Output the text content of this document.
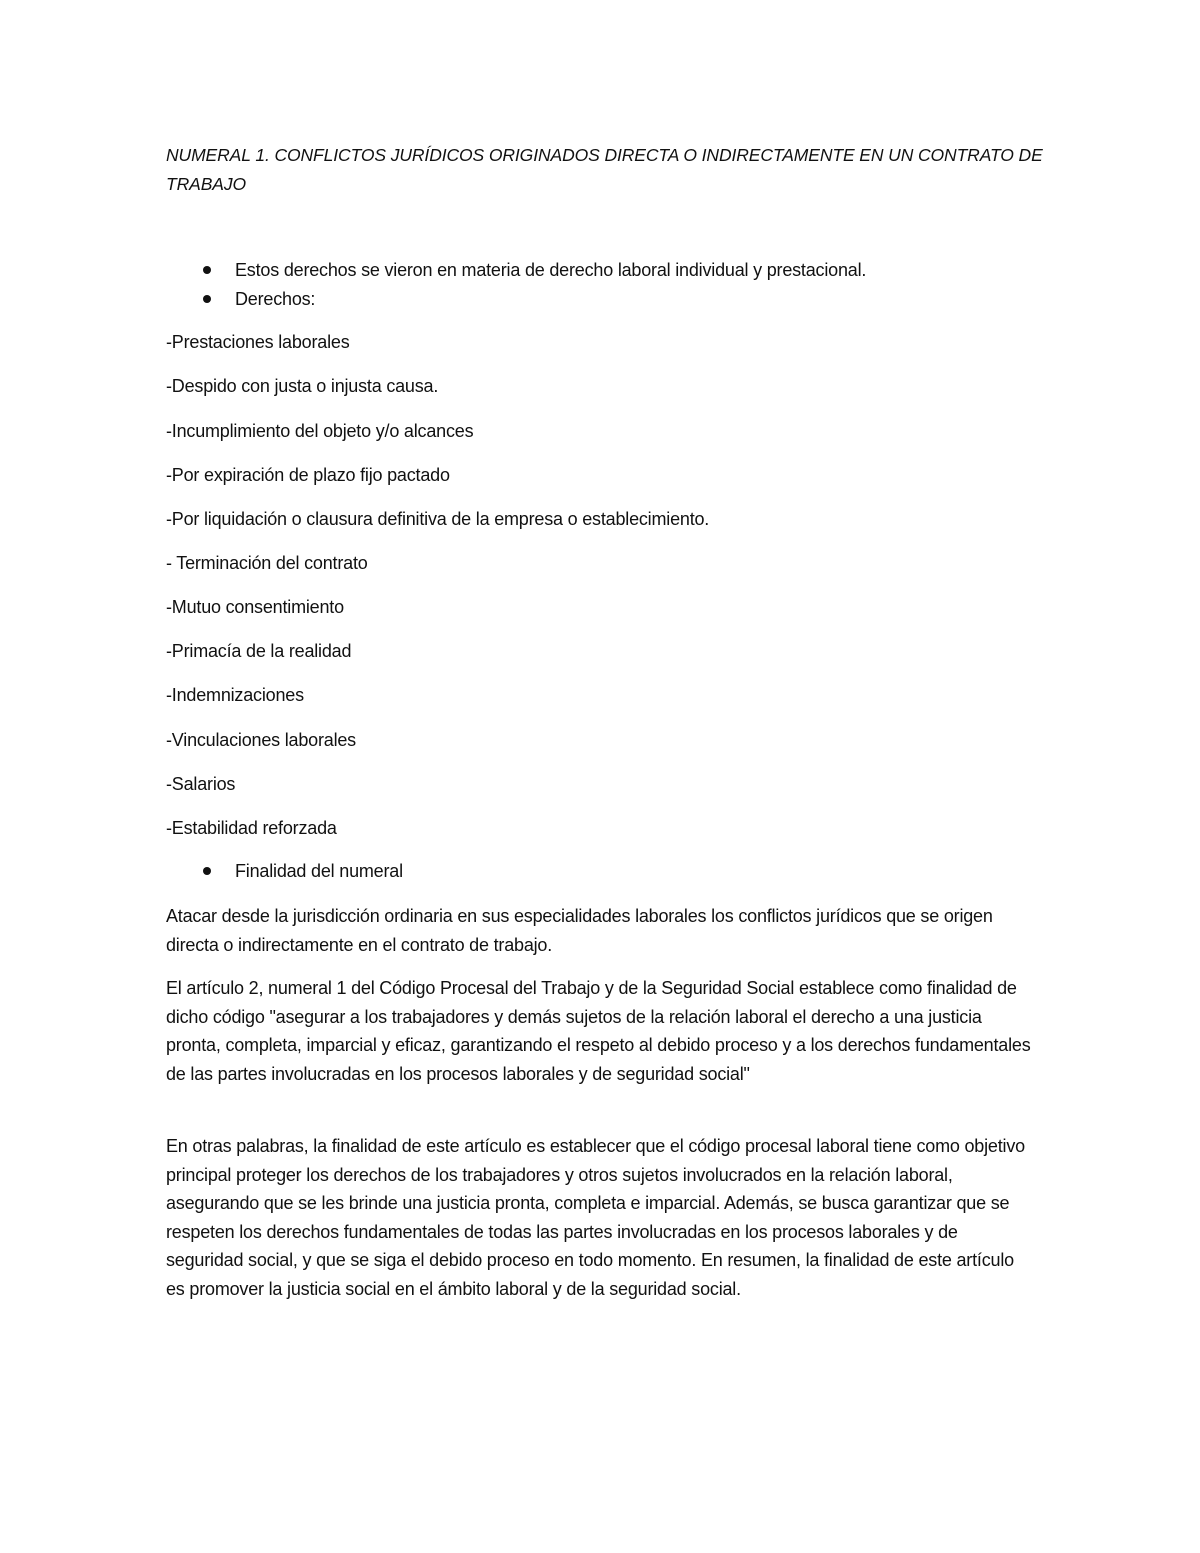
NUMERAL 1. CONFLICTOS JURÍDICOS ORIGINADOS DIRECTA O INDIRECTAMENTE EN UN CONTRATO DE TRABAJO
Estos derechos se vieron en materia de derecho laboral individual y prestacional.
Derechos:
-Prestaciones laborales
-Despido con justa o injusta causa.
-Incumplimiento del objeto y/o alcances
-Por expiración de plazo fijo pactado
-Por liquidación o clausura definitiva de la empresa o establecimiento.
- Terminación del contrato
-Mutuo consentimiento
-Primacía de la realidad
-Indemnizaciones
-Vinculaciones laborales
-Salarios
-Estabilidad reforzada
Finalidad del numeral

Atacar desde la jurisdicción ordinaria en sus especialidades laborales los conflictos jurídicos que se origen directa o indirectamente en el contrato de trabajo.

El artículo 2, numeral 1 del Código Procesal del Trabajo y de la Seguridad Social establece como finalidad de dicho código "asegurar a los trabajadores y demás sujetos de la relación laboral el derecho a una justicia pronta, completa, imparcial y eficaz, garantizando el respeto al debido proceso y a los derechos fundamentales de las partes involucradas en los procesos laborales y de seguridad social"

En otras palabras, la finalidad de este artículo es establecer que el código procesal laboral tiene como objetivo principal proteger los derechos de los trabajadores y otros sujetos involucrados en la relación laboral, asegurando que se les brinde una justicia pronta, completa e imparcial. Además, se busca garantizar que se respeten los derechos fundamentales de todas las partes involucradas en los procesos laborales y de seguridad social, y que se siga el debido proceso en todo momento. En resumen, la finalidad de este artículo es promover la justicia social en el ámbito laboral y de la seguridad social.
